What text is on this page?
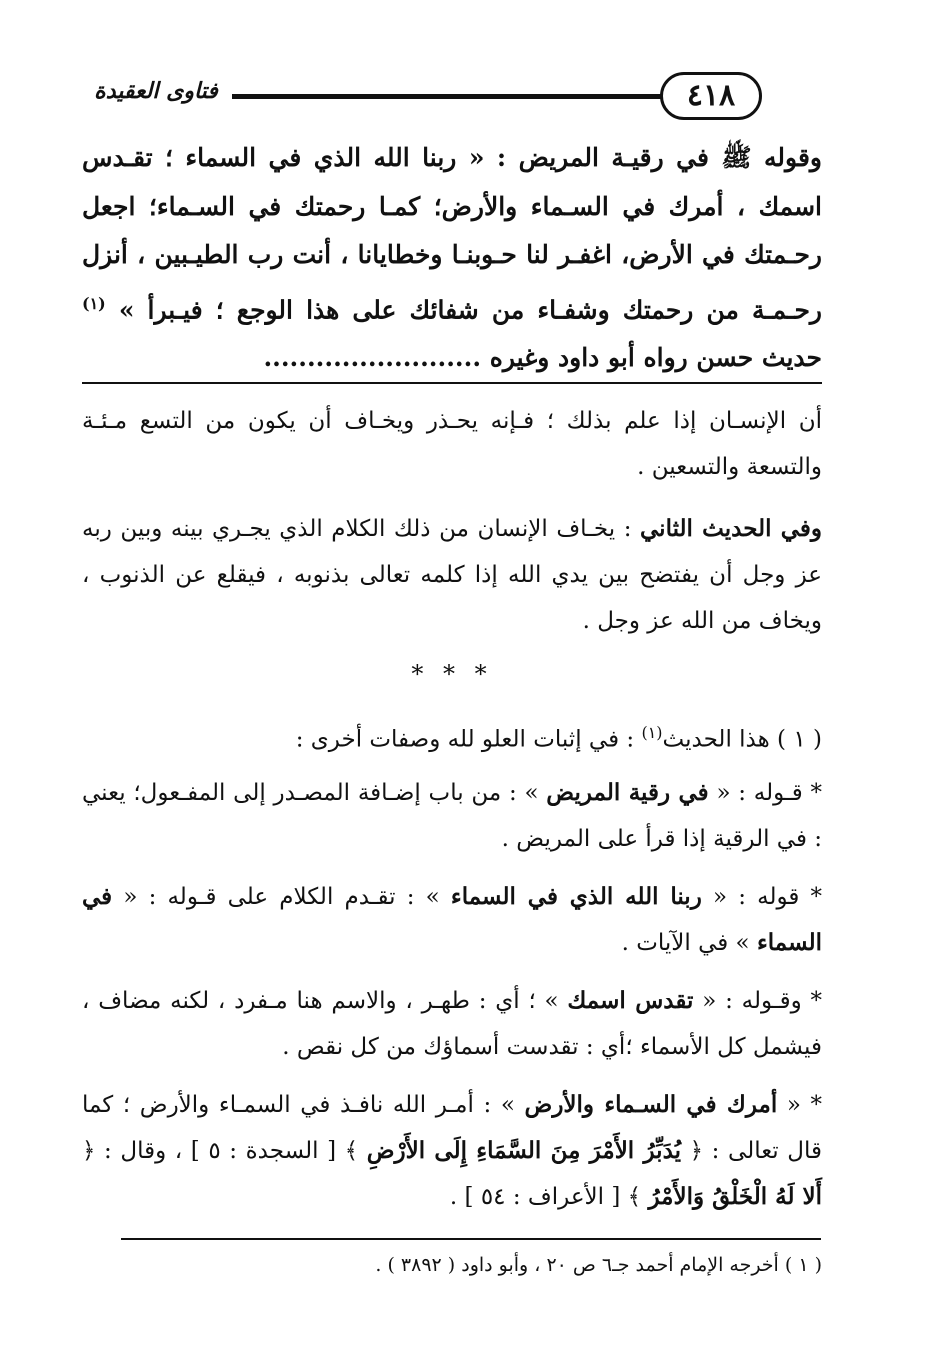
٤١٨
فتاوى العقيدة
وقوله ﷺ في رقيـة المريض : « ربنا الله الذي في السماء ؛ تقـدس اسمك ، أمرك في السـماء والأرض؛ كمـا رحمتك في السـماء؛ اجعل رحـمتك في الأرض، اغفـر لنا حـوبنـا وخطايانا ، أنت رب الطيـبين ، أنزل رحـمـة من رحمتك وشفـاء من شفائك على هذا الوجع ؛ فيـبرأ » $^{(١)}$ حديث حسن رواه أبو داود وغيره .........................
أن الإنسـان إذا علم بذلك ؛ فـإنه يحـذر ويخـاف أن يكون من التسع مـئـة والتسعة والتسعين .
وفي الحديث الثاني : يخـاف الإنسان من ذلك الكلام الذي يجـري بينه وبين ربه عز وجل أن يفتضح بين يدي الله إذا كلمه تعالى بذنوبه ، فيقلع عن الذنوب ، ويخاف من الله عز وجل .
* * *
( ١ ) هذا الحديث$^{(١)}$ : في إثبات العلو لله وصفات أخرى :
* قـوله : « في رقية المريض » : من باب إضـافة المصـدر إلى المفـعول؛ يعني : في الرقية إذا قرأ على المريض .
* قوله : « ربنا الله الذي في السماء » : تقـدم الكلام على قـوله : « في السماء » في الآيات .
* وقـوله : « تقدس اسمك » ؛ أي : طهـر ، والاسم هنا مـفرد ، لكنه مضاف ، فيشمل كل الأسماء ؛أي : تقدست أسماؤك من كل نقص .
* « أمرك في السـماء والأرض » : أمـر الله نافـذ في السمـاء والأرض ؛ كما قال تعالى : ﴿ يُدَبِّرُ الأَمْرَ مِنَ السَّمَاءِ إِلَى الأَرْضِ ﴾ [ السجدة : ٥ ] ، وقال : ﴿ أَلا لَهُ الْخَلْقُ وَالأَمْرُ ﴾ [ الأعراف : ٥٤ ] .
( ١ ) أخرجه الإمام أحمد جـ٦ ص ٢٠ ، وأبو داود ( ٣٨٩٢ ) .
